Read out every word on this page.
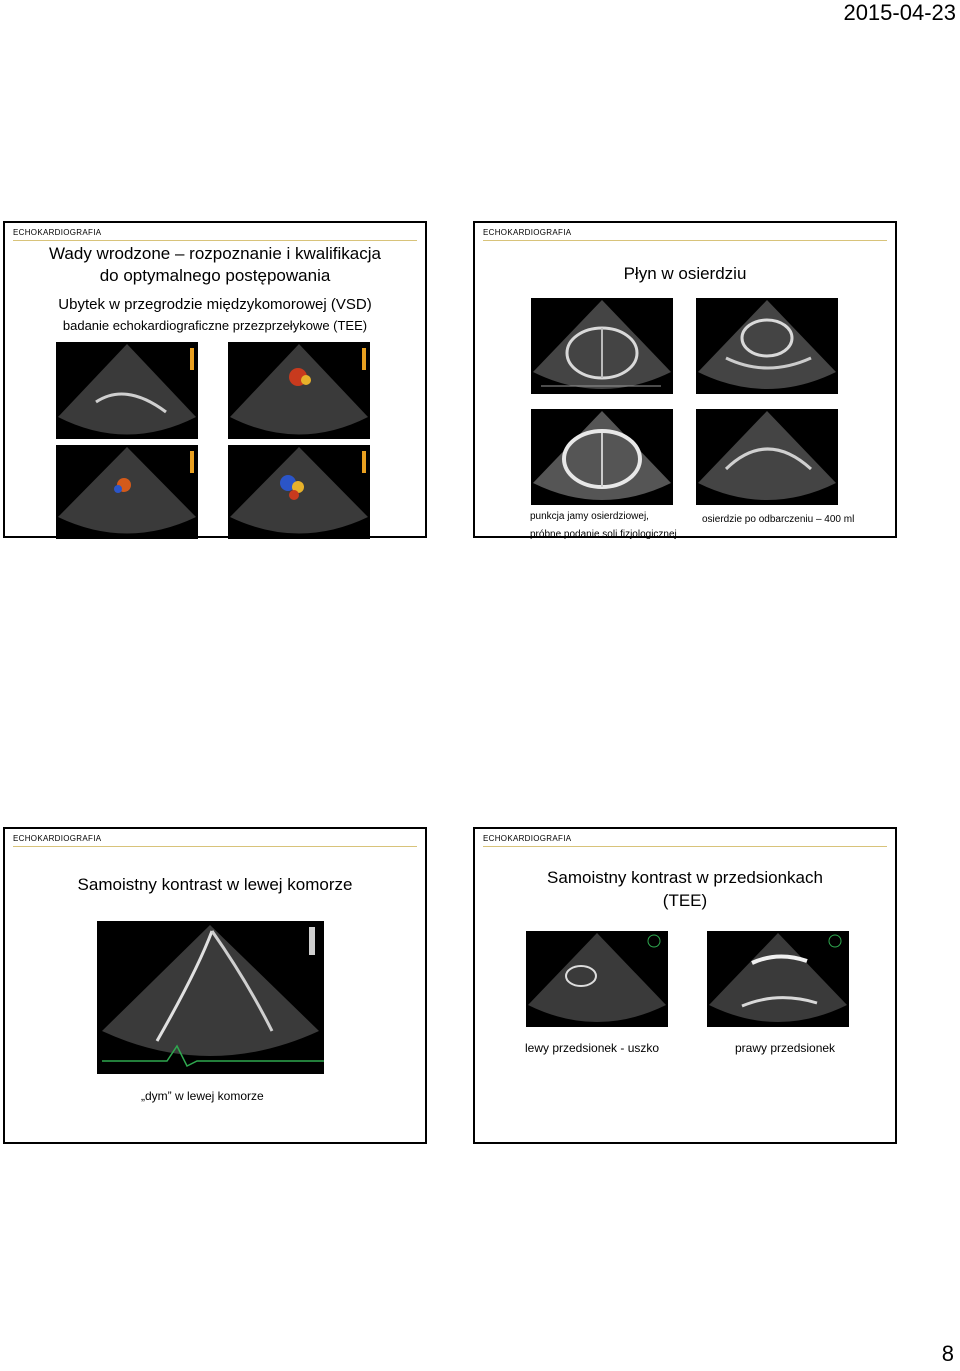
2015-04-23
ECHOKARDIOGRAFIA
Wady wrodzone – rozpoznanie i kwalifikacja
do optymalnego postępowania
Ubytek w przegrodzie międzykomorowej (VSD)
badanie echokardiograficzne przezprzełykowe (TEE)
ECHOKARDIOGRAFIA
Płyn w osierdziu
punkcja jamy osierdziowej,
próbne podanie soli fizjologicznej
osierdzie po odbarczeniu – 400 ml
ECHOKARDIOGRAFIA
Samoistny kontrast w lewej komorze
„dym” w lewej komorze
ECHOKARDIOGRAFIA
Samoistny kontrast w przedsionkach
(TEE)
lewy przedsionek - uszko	prawy przedsionek
8
